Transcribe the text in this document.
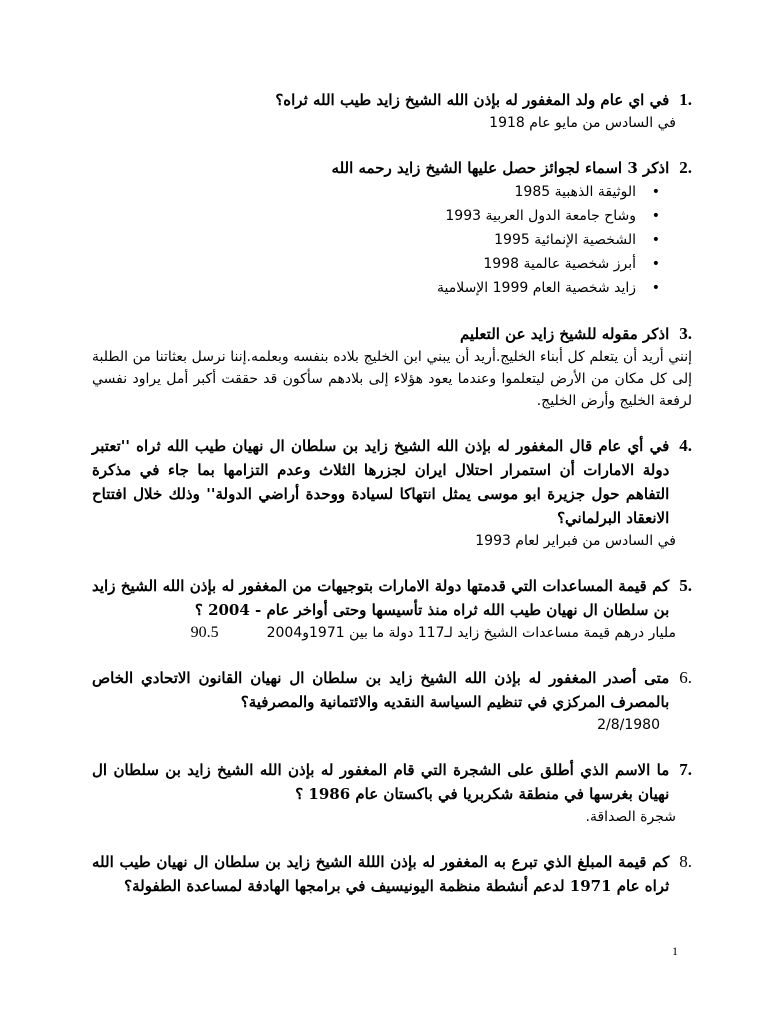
1.
في اي عام ولد المغفور له بإذن الله الشيخ زايد طيب الله ثراه؟
في السادس من مايو عام 1918
2.
اذكر 3 اسماء لجوائز حصل عليها الشيخ زايد رحمه الله
• الوثيقة الذهبية 1985
• وشاح جامعة الدول العربية 1993
• الشخصية الإنمائية 1995
• أبرز شخصية عالمية 1998
• زايد شخصية العام 1999 الإسلامية
3.
اذكر مقوله للشيخ زايد عن التعليم
إنني أريد أن يتعلم كل أبناء الخليج.أريد أن يبني ابن الخليج بلاده بنفسه وبعلمه.إننا نرسل بعثاتنا من الطلبة إلى كل مكان من الأرض ليتعلموا وعندما يعود هؤلاء إلى بلادهم سأكون قد حققت أكبر أمل يراود نفسي لرفعة الخليج وأرض الخليج.
4.
في أي عام قال المغفور له بإذن الله الشيخ زايد بن سلطان ال نهيان طيب الله ثراه ''تعتبر دولة الامارات أن استمرار احتلال ايران لجزرها الثلاث وعدم التزامها بما جاء في مذكرة التفاهم حول جزيرة ابو موسى يمثل انتهاكا لسيادة ووحدة أراضي الدولة'' وذلك خلال افتتاح الانعقاد البرلماني؟
في السادس من فبراير لعام 1993
5.
كم قيمة المساعدات التي قدمتها دولة الامارات بتوجيهات من المغفور له بإذن الله الشيخ زايد بن سلطان ال نهيان طيب الله ثراه منذ تأسيسها وحتى أواخر عام - 2004 ؟
مليار درهم قيمة مساعدات الشيخ زايد لـ117 دولة ما بين 1971و2004
90.5
6.
متى أصدر المغفور له بإذن الله الشيخ زايد بن سلطان ال نهيان القانون الاتحادي الخاص بالمصرف المركزي في تنظيم السياسة النقديه والائتمانية والمصرفية؟
2/8/1980
7.
ما الاسم الذي أطلق على الشجرة التي قام المغفور له بإذن الله الشيخ زايد بن سلطان ال نهيان بغرسها في منطقة شكربريا في باكستان عام 1986 ؟
شجرة الصداقة.
8.
كم قيمة المبلغ الذي تبرع به المغفور له بإذن الللة الشيخ زايد بن سلطان ال نهيان طيب الله ثراه عام 1971 لدعم أنشطة منظمة اليونيسيف في برامجها الهادفة لمساعدة الطفولة؟
1
